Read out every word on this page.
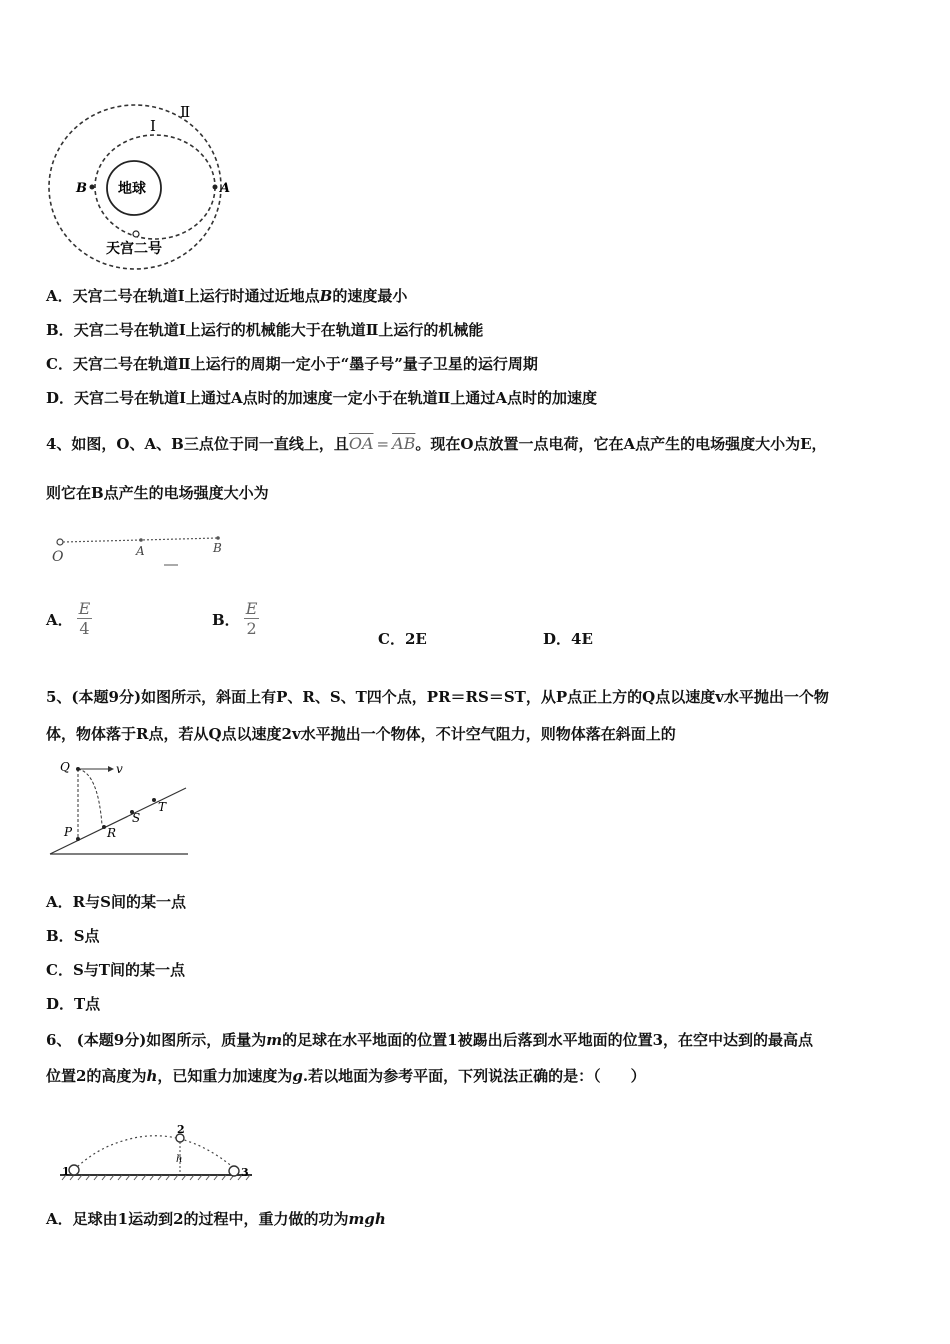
地球
B	A
Ⅰ
Ⅱ
天宫二号
A．天宫二号在轨道Ⅰ上运行时通过近地点B的速度最小
B．天宫二号在轨道Ⅰ上运行的机械能大于在轨道Ⅱ上运行的机械能
C．天宫二号在轨道Ⅱ上运行的周期一定小于“墨子号”量子卫星的运行周期
D．天宫二号在轨道Ⅰ上通过A点时的加速度一定小于在轨道Ⅱ上通过A点时的加速度
4、如图，O、A、B三点位于同一直线上，且$\overline{OA} = \overline{AB}$。现在O点放置一点电荷，它在A点产生的电场强度大小为E，
则它在B点产生的电场强度大小为
O	A	B
A． $\frac{E}{4}$	B． $\frac{E}{2}$	C．2E	D．4E
5、(本题9分)如图所示，斜面上有P、R、S、T四个点，PR＝RS＝ST，从P点正上方的Q点以速度v水平抛出一个物
体，物体落于R点，若从Q点以速度2v水平抛出一个物体，不计空气阻力，则物体落在斜面上的
Q	v
P	R
S
T
A．R与S间的某一点
B．S点
C．S与T间的某一点
D．T点
6、 (本题9分)如图所示，质量为m的足球在水平地面的位置1被踢出后落到水平地面的位置3，在空中达到的最高点
位置2的高度为h，已知重力加速度为g.若以地面为参考平面，下列说法正确的是：（　　）
1
2
3
h
A．足球由1运动到2的过程中，重力做的功为mgh
